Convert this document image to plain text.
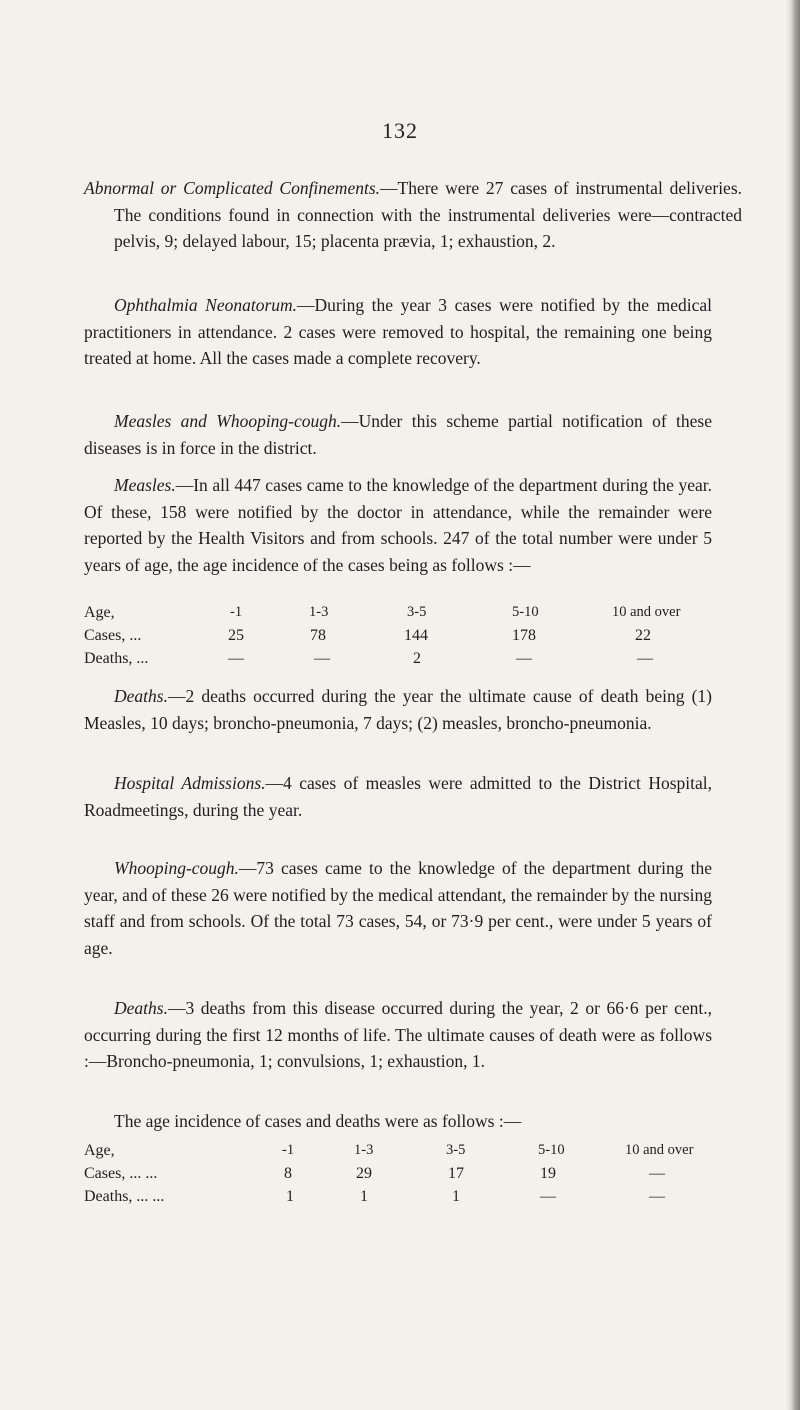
132
Abnormal or Complicated Confinements.—There were 27 cases of instrumental deliveries. The conditions found in connection with the instrumental deliveries were—contracted pelvis, 9; delayed labour, 15; placenta prævia, 1; exhaustion, 2.
Ophthalmia Neonatorum.—During the year 3 cases were notified by the medical practitioners in attendance. 2 cases were removed to hospital, the remaining one being treated at home. All the cases made a complete recovery.
Measles and Whooping-cough.—Under this scheme partial notification of these diseases is in force in the district.
Measles.—In all 447 cases came to the knowledge of the department during the year. Of these, 158 were notified by the doctor in attendance, while the remainder were reported by the Health Visitors and from schools. 247 of the total number were under 5 years of age, the age incidence of the cases being as follows :—
Age,	-1	1-3	3-5	5-10	10 and over
Cases, ...	25	78	144	178	22
Deaths, ...	—	—	2	—	—
Deaths.—2 deaths occurred during the year the ultimate cause of death being (1) Measles, 10 days; broncho-pneumonia, 7 days; (2) measles, broncho-pneumonia.
Hospital Admissions.—4 cases of measles were admitted to the District Hospital, Roadmeetings, during the year.
Whooping-cough.—73 cases came to the knowledge of the department during the year, and of these 26 were notified by the medical attendant, the remainder by the nursing staff and from schools. Of the total 73 cases, 54, or 73·9 per cent., were under 5 years of age.
Deaths.—3 deaths from this disease occurred during the year, 2 or 66·6 per cent., occurring during the first 12 months of life. The ultimate causes of death were as follows :—Broncho-pneumonia, 1; convulsions, 1; exhaustion, 1.
The age incidence of cases and deaths were as follows :—
Age,	-1	1-3	3-5	5-10	10 and over
Cases, ... ...	8	29	17	19	—
Deaths, ... ...	1	1	1	—	—
